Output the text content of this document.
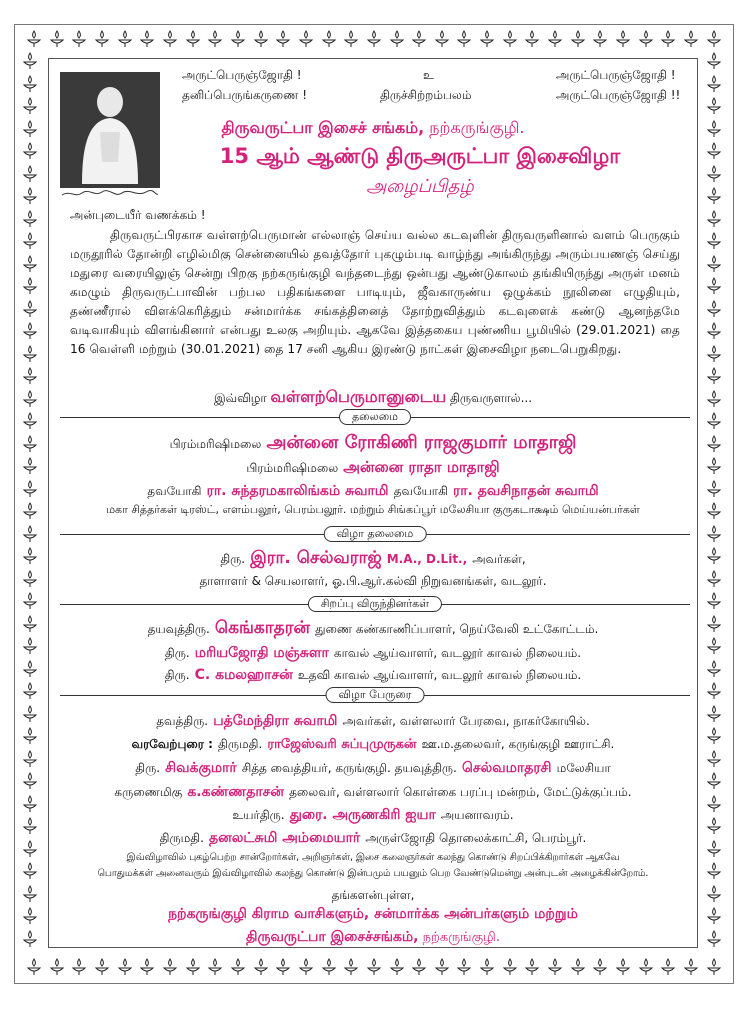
அருட்பெருஞ்ஜோதி !
தனிப்பெருங்கருணை !
உ
திருச்சிற்றம்பலம்
அருட்பெருஞ்ஜோதி !
அருட்பெருஞ்ஜோதி !!
திருவருட்பா இசைச் சங்கம், நற்கருங்குழி.
15 ஆம் ஆண்டு திருஅருட்பா இசைவிழா
அழைப்பிதழ்
அன்புடையீர் வணக்கம் !
திருவருட்பிரகாச வள்ளற்பெருமான் எல்லாஞ் செய்ய வல்ல கடவுளின் திருவருளினால் வளம் பெருகும் மருதூரில் தோன்றி எழில்மிகு சென்னையில் தவத்தோர் புகழும்படி வாழ்ந்து அங்கிருந்து அரும்பயணஞ் செய்து மதுரை வரையிலுஞ் சென்று பிறகு நற்கருங்குழி வந்தடைந்து ஒன்பது ஆண்டுகாலம் தங்கியிருந்து அருள் மனம் கமழும் திருவருட்பாவின் பற்பல பதிகங்களை பாடியும், ஜீவகாருண்ய ஒழுக்கம் நூலினை எழுதியும், தண்ணீரால் விளக்கெரித்தும் சன்மார்க்க சங்கத்தினைத் தோற்றுவித்தும் கடவுளைக் கண்டு ஆனந்தமே வடிவாகியும் விளங்கினார் என்பது உலகு அறியும். ஆகவே இத்தகைய புண்ணிய பூமியில் (29.01.2021) தை 16 வெள்ளி மற்றும் (30.01.2021) தை 17 சனி ஆகிய இரண்டு நாட்கள் இசைவிழா நடைபெறுகிறது.
இவ்விழா வள்ளற்பெருமானுடைய திருவருளால்...
தலைமை
பிரம்மரிஷிமலை அன்னை ரோகிணி ராஜகுமார் மாதாஜி
பிரம்மரிஷிமலை அன்னை ராதா மாதாஜி
தவயோகி ரா. சுந்தரமகாலிங்கம் சுவாமி தவயோகி ரா. தவசிநாதன் சுவாமி
மகா சித்தர்கள் டிரஸ்ட், எளம்பலூர், பெரம்பலூர். மற்றும் சிங்கப்பூர் மலேசியா குருகடாக்ஷம் மெய்யன்பர்கள்
விழா தலைமை
திரு. இரா. செல்வராஜ் M.A., D.Lit., அவர்கள்,
தாளாளர் & செயலாளர், ஓ.பி.ஆர்.கல்வி நிறுவனங்கள், வடலூர்.
சிறப்பு விருந்தினர்கள்
தயவுத்திரு. கெங்காதரன் துணை கண்காணிப்பாளர், நெய்வேலி உட்கோட்டம்.
திரு. மரியஜோதி மஞ்சுளா காவல் ஆய்வாளர், வடலூர் காவல் நிலையம்.
திரு. C. கமலஹாசன் உதவி காவல் ஆய்வாளர், வடலூர் காவல் நிலையம்.
விழா பேருரை
தவத்திரு. பத்மேந்திரா சுவாமி அவர்கள், வள்ளலார் பேரவை, நாகர்கோயில்.
வரவேற்புரை : திருமதி. ராஜேஸ்வரி சுப்புமுருகன் ஊ.ம.தலைவர், கருங்குழி ஊராட்சி.
திரு. சிவக்குமார் சித்த வைத்தியர், கருங்குழி. தயவுத்திரு. செல்வமாதரசி மலேசியா
கருணைமிகு க.கண்ணதாசன் தலைவர், வள்ளலார் கொள்கை பரப்பு மன்றம், மேட்டுக்குப்பம்.
உயர்திரு. துரை. அருணகிரி ஐயா அயனாவரம்.
திருமதி. தனலட்சுமி அம்மையார் அருள்ஜோதி தொலைக்காட்சி, பெரம்பூர்.
இவ்விழாவில் புகழ்பெற்ற சான்றோர்கள், அறிஞர்கள், இசை கலைஞர்கள் கலந்து கொண்டு சிறப்பிக்கிறார்கள் ஆகவே
பொதுமக்கள் அனைவரும் இவ்விழாவில் கலந்து கொண்டு இன்பமும் பயனும் பெற வேண்டுமென்று அன்புடன் அழைக்கின்றோம்.
தங்களன்புள்ள,
நற்கருங்குழி கிராம வாசிகளும், சன்மார்க்க அன்பர்களும் மற்றும்
திருவருட்பா இசைச்சங்கம், நற்கருங்குழி.
